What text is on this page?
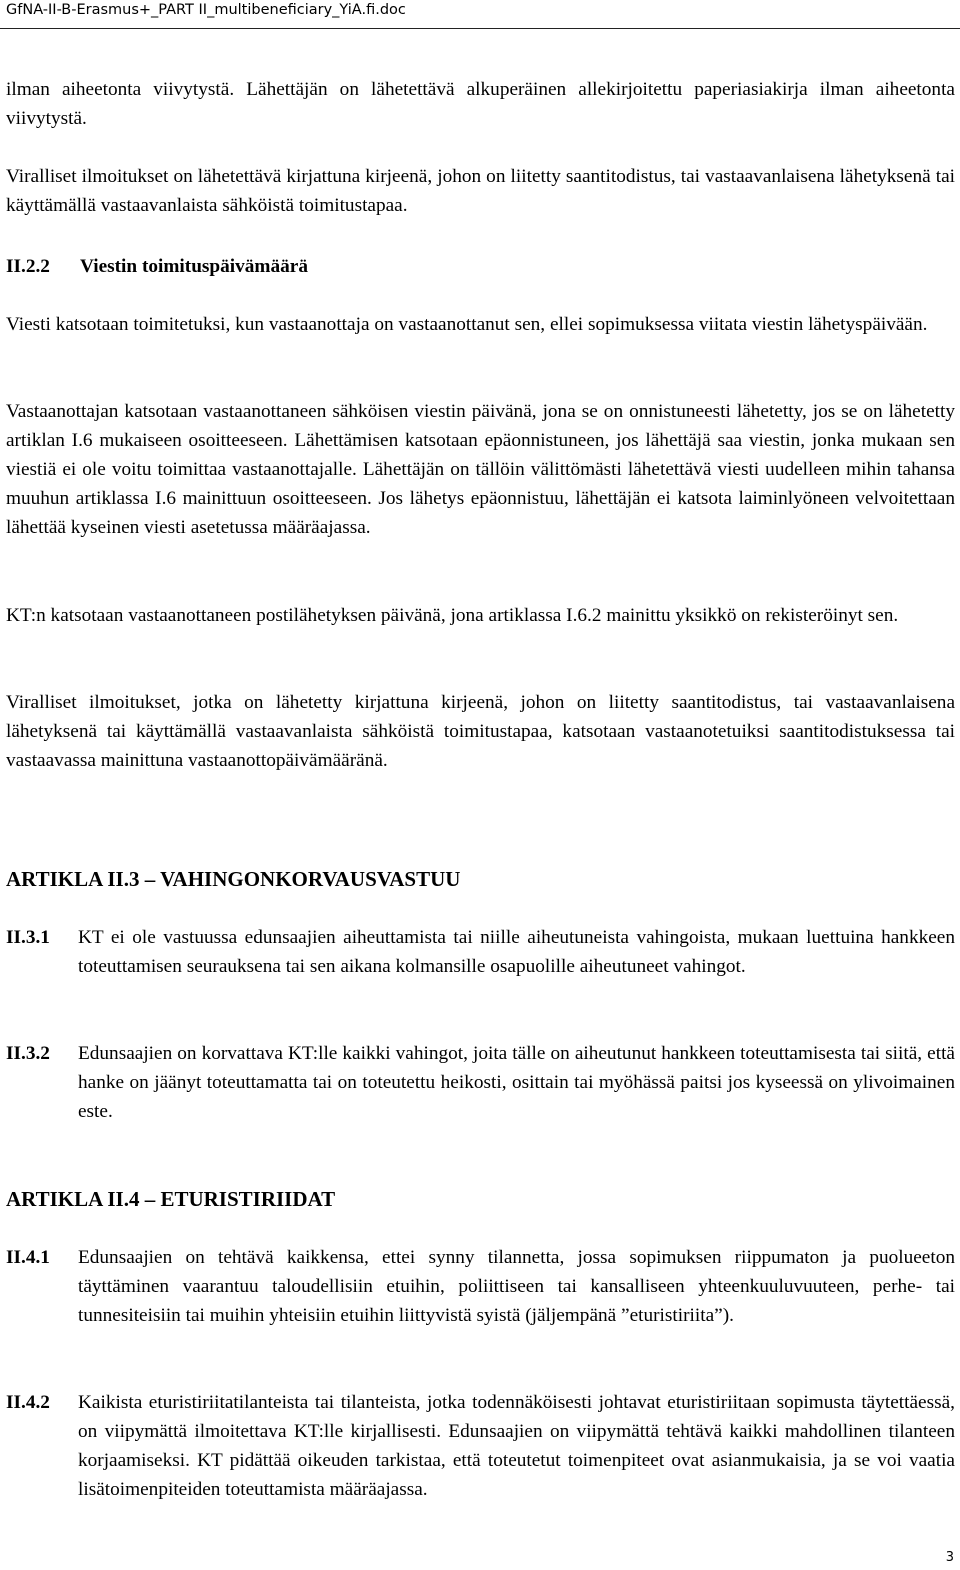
GfNA-II-B-Erasmus+_PART II_multibeneficiary_YiA.fi.doc

ilman aiheetonta viivytystä. Lähettäjän on lähetettävä alkuperäinen allekirjoitettu paperiasiakirja ilman aiheetonta viivytystä.

Viralliset ilmoitukset on lähetettävä kirjattuna kirjeenä, johon on liitetty saantitodistus, tai vastaavanlaisena lähetyksenä tai käyttämällä vastaavanlaista sähköistä toimitustapaa.

II.2.2 Viestin toimituspäivämäärä

Viesti katsotaan toimitetuksi, kun vastaanottaja on vastaanottanut sen, ellei sopimuksessa viitata viestin lähetyspäivään.

Vastaanottajan katsotaan vastaanottaneen sähköisen viestin päivänä, jona se on onnistuneesti lähetetty, jos se on lähetetty artiklan I.6 mukaiseen osoitteeseen. Lähettämisen katsotaan epäonnistuneen, jos lähettäjä saa viestin, jonka mukaan sen viestiä ei ole voitu toimittaa vastaanottajalle. Lähettäjän on tällöin välittömästi lähetettävä viesti uudelleen mihin tahansa muuhun artiklassa I.6 mainittuun osoitteeseen. Jos lähetys epäonnistuu, lähettäjän ei katsota laiminlyöneen velvoitettaan lähettää kyseinen viesti asetetussa määräajassa.

KT:n katsotaan vastaanottaneen postilähetyksen päivänä, jona artiklassa I.6.2 mainittu yksikkö on rekisteröinyt sen.

Viralliset ilmoitukset, jotka on lähetetty kirjattuna kirjeenä, johon on liitetty saantitodistus, tai vastaavanlaisena lähetyksenä tai käyttämällä vastaavanlaista sähköistä toimitustapaa, katsotaan vastaanotetuiksi saantitodistuksessa tai vastaavassa mainittuna vastaanottopäivämääränä.

ARTIKLA II.3 – VAHINGONKORVAUSVASTUU
II.3.1	KT ei ole vastuussa edunsaajien aiheuttamista tai niille aiheutuneista vahingoista, mukaan luettuina hankkeen toteuttamisen seurauksena tai sen aikana kolmansille osapuolille aiheutuneet vahingot.
II.3.2	Edunsaajien on korvattava KT:lle kaikki vahingot, joita tälle on aiheutunut hankkeen toteuttamisesta tai siitä, että hanke on jäänyt toteuttamatta tai on toteutettu heikosti, osittain tai myöhässä paitsi jos kyseessä on ylivoimainen este.
ARTIKLA II.4 – ETURISTIRIIDAT
II.4.1	Edunsaajien on tehtävä kaikkensa, ettei synny tilannetta, jossa sopimuksen riippumaton ja puolueeton täyttäminen vaarantuu taloudellisiin etuihin, poliittiseen tai kansalliseen yhteenkuuluvuuteen, perhe- tai tunnesiteisiin tai muihin yhteisiin etuihin liittyvistä syistä (jäljempänä ”eturistiriita”).
II.4.2	Kaikista eturistiriitatilanteista tai tilanteista, jotka todennäköisesti johtavat eturistiriitaan sopimusta täytettäessä, on viipymättä ilmoitettava KT:lle kirjallisesti. Edunsaajien on viipymättä tehtävä kaikki mahdollinen tilanteen korjaamiseksi. KT pidättää oikeuden tarkistaa, että toteutetut toimenpiteet ovat asianmukaisia, ja se voi vaatia lisätoimenpiteiden toteuttamista määräajassa.
3
